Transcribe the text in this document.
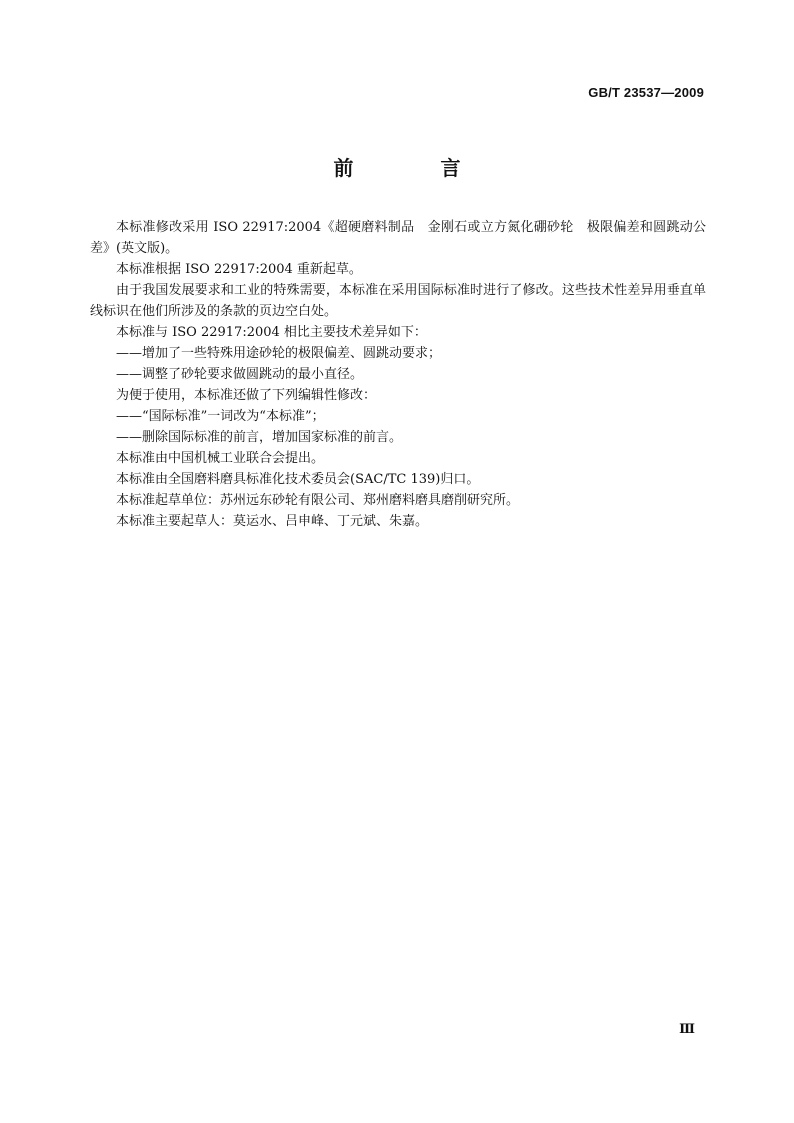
GB/T 23537—2009
前 言

本标准修改采用 ISO 22917:2004《超硬磨料制品　金刚石或立方氮化硼砂轮　极限偏差和圆跳动公差》(英文版)。

本标准根据 ISO 22917:2004 重新起草。

由于我国发展要求和工业的特殊需要，本标准在采用国际标准时进行了修改。这些技术性差异用垂直单线标识在他们所涉及的条款的页边空白处。

本标准与 ISO 22917:2004 相比主要技术差异如下：

——增加了一些特殊用途砂轮的极限偏差、圆跳动要求；

——调整了砂轮要求做圆跳动的最小直径。

为便于使用，本标准还做了下列编辑性修改：

——“国际标准”一词改为“本标准”；

——删除国际标准的前言，增加国家标准的前言。

本标准由中国机械工业联合会提出。

本标准由全国磨料磨具标准化技术委员会(SAC/TC 139)归口。

本标准起草单位：苏州远东砂轮有限公司、郑州磨料磨具磨削研究所。

本标准主要起草人：莫运水、吕申峰、丁元斌、朱嘉。

Ⅲ
